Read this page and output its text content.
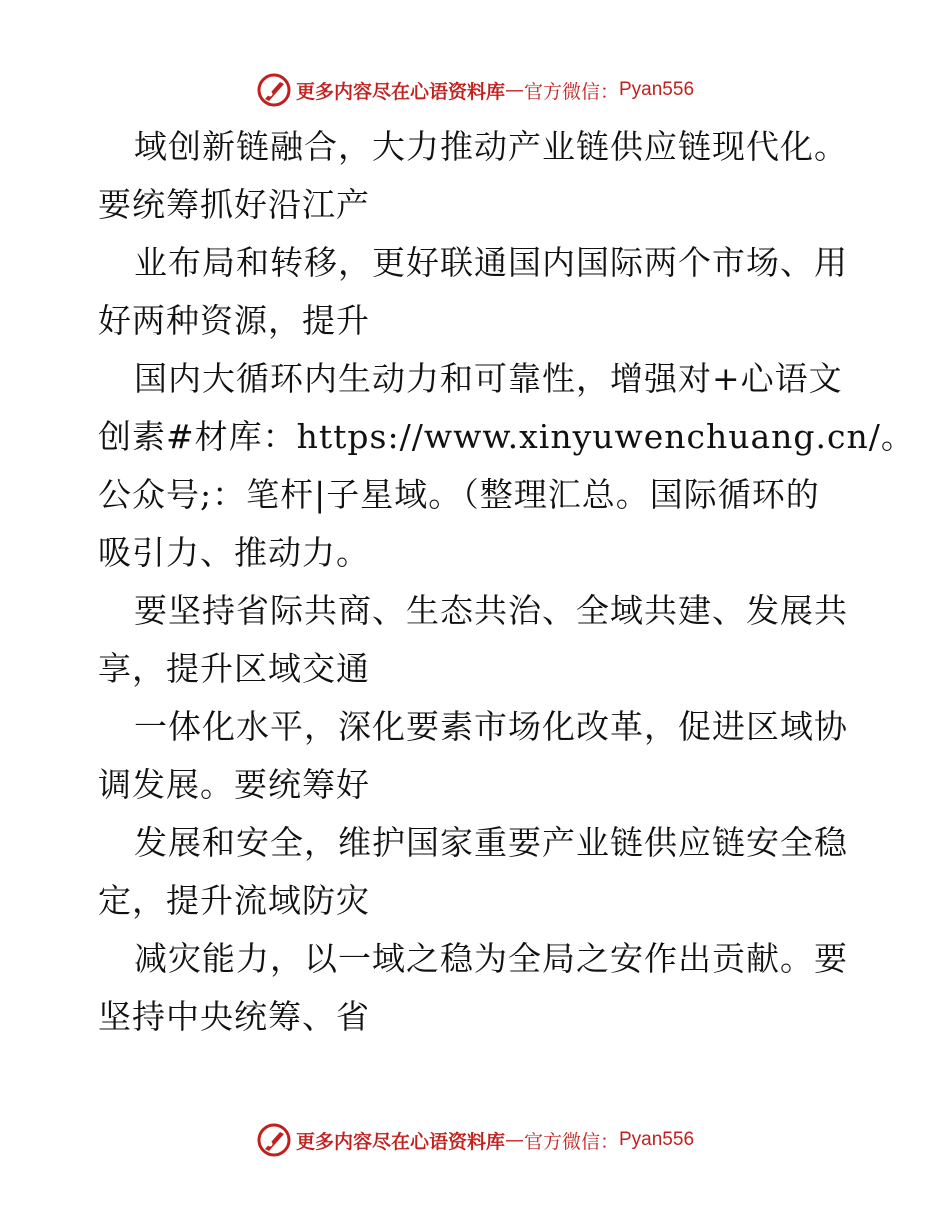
更多内容尽在心语资料库 — 官方微信： Pyan556
域创新链融合，大力推动产业链供应链现代化。
要统筹抓好沿江产
业布局和转移，更好联通国内国际两个市场、用
好两种资源，提升
国内大循环内生动力和可靠性，增强对+心语文
创素#材库：https://www.xinyuwenchuang.cn/。
公众号;：笔杆|子星域。（整理汇总。国际循环的
吸引力、推动力。
要坚持省际共商、生态共治、全域共建、发展共
享，提升区域交通
一体化水平，深化要素市场化改革，促进区域协
调发展。要统筹好
发展和安全，维护国家重要产业链供应链安全稳
定，提升流域防灾
减灾能力，以一域之稳为全局之安作出贡献。要
坚持中央统筹、省
更多内容尽在心语资料库 — 官方微信： Pyan556
